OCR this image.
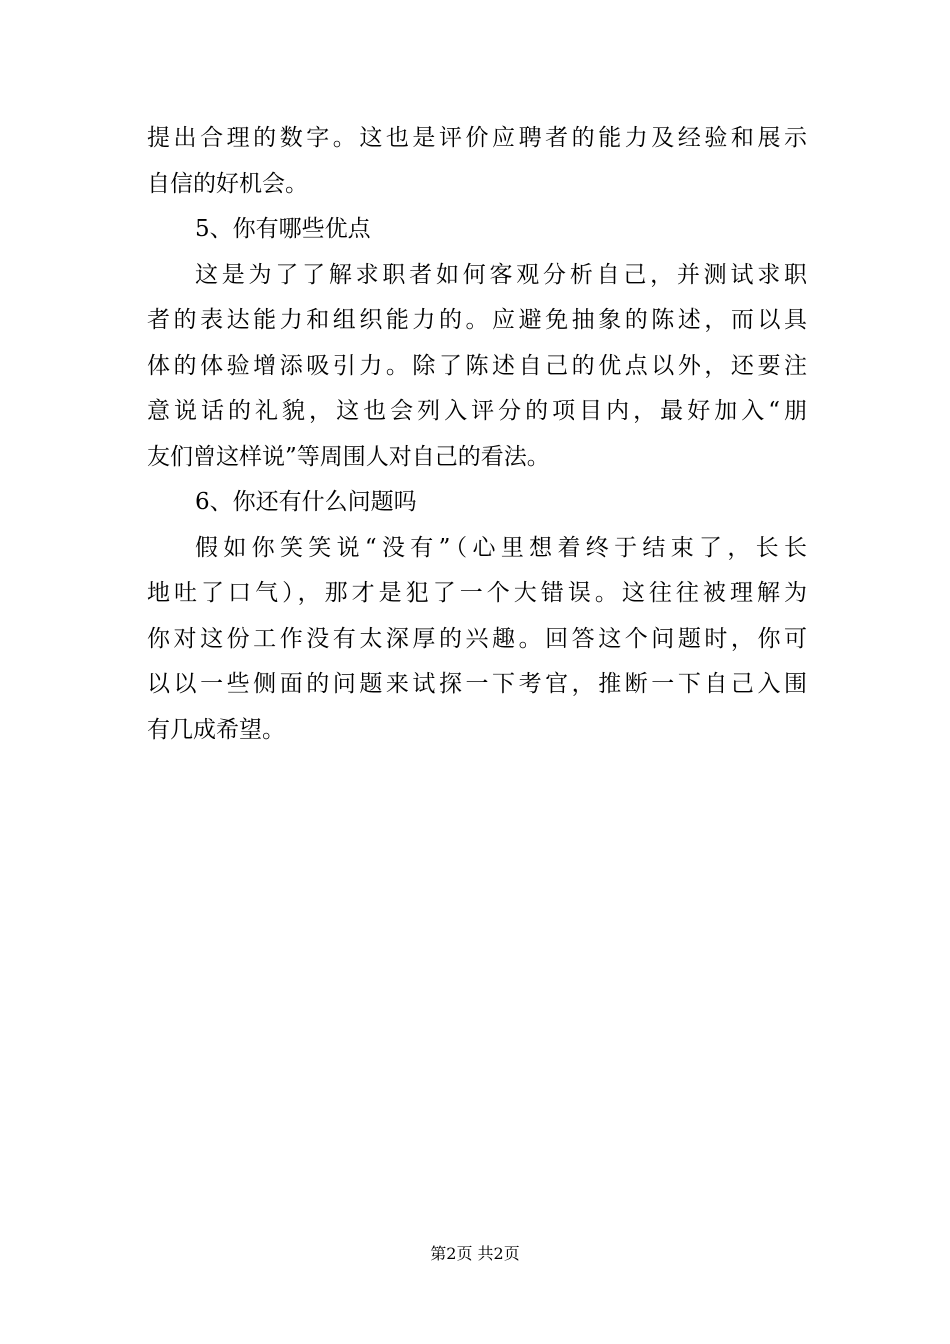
提出合理的数字。这也是评价应聘者的能力及经验和展示
自信的好机会。
5、你有哪些优点
这是为了了解求职者如何客观分析自己，并测试求职
者的表达能力和组织能力的。应避免抽象的陈述，而以具
体的体验增添吸引力。除了陈述自己的优点以外，还要注
意说话的礼貌，这也会列入评分的项目内，最好加入“朋
友们曾这样说”等周围人对自己的看法。
6、你还有什么问题吗
假如你笑笑说“没有”（心里想着终于结束了，长长
地吐了口气），那才是犯了一个大错误。这往往被理解为
你对这份工作没有太深厚的兴趣。回答这个问题时，你可
以以一些侧面的问题来试探一下考官，推断一下自己入围
有几成希望。
第2页 共2页
